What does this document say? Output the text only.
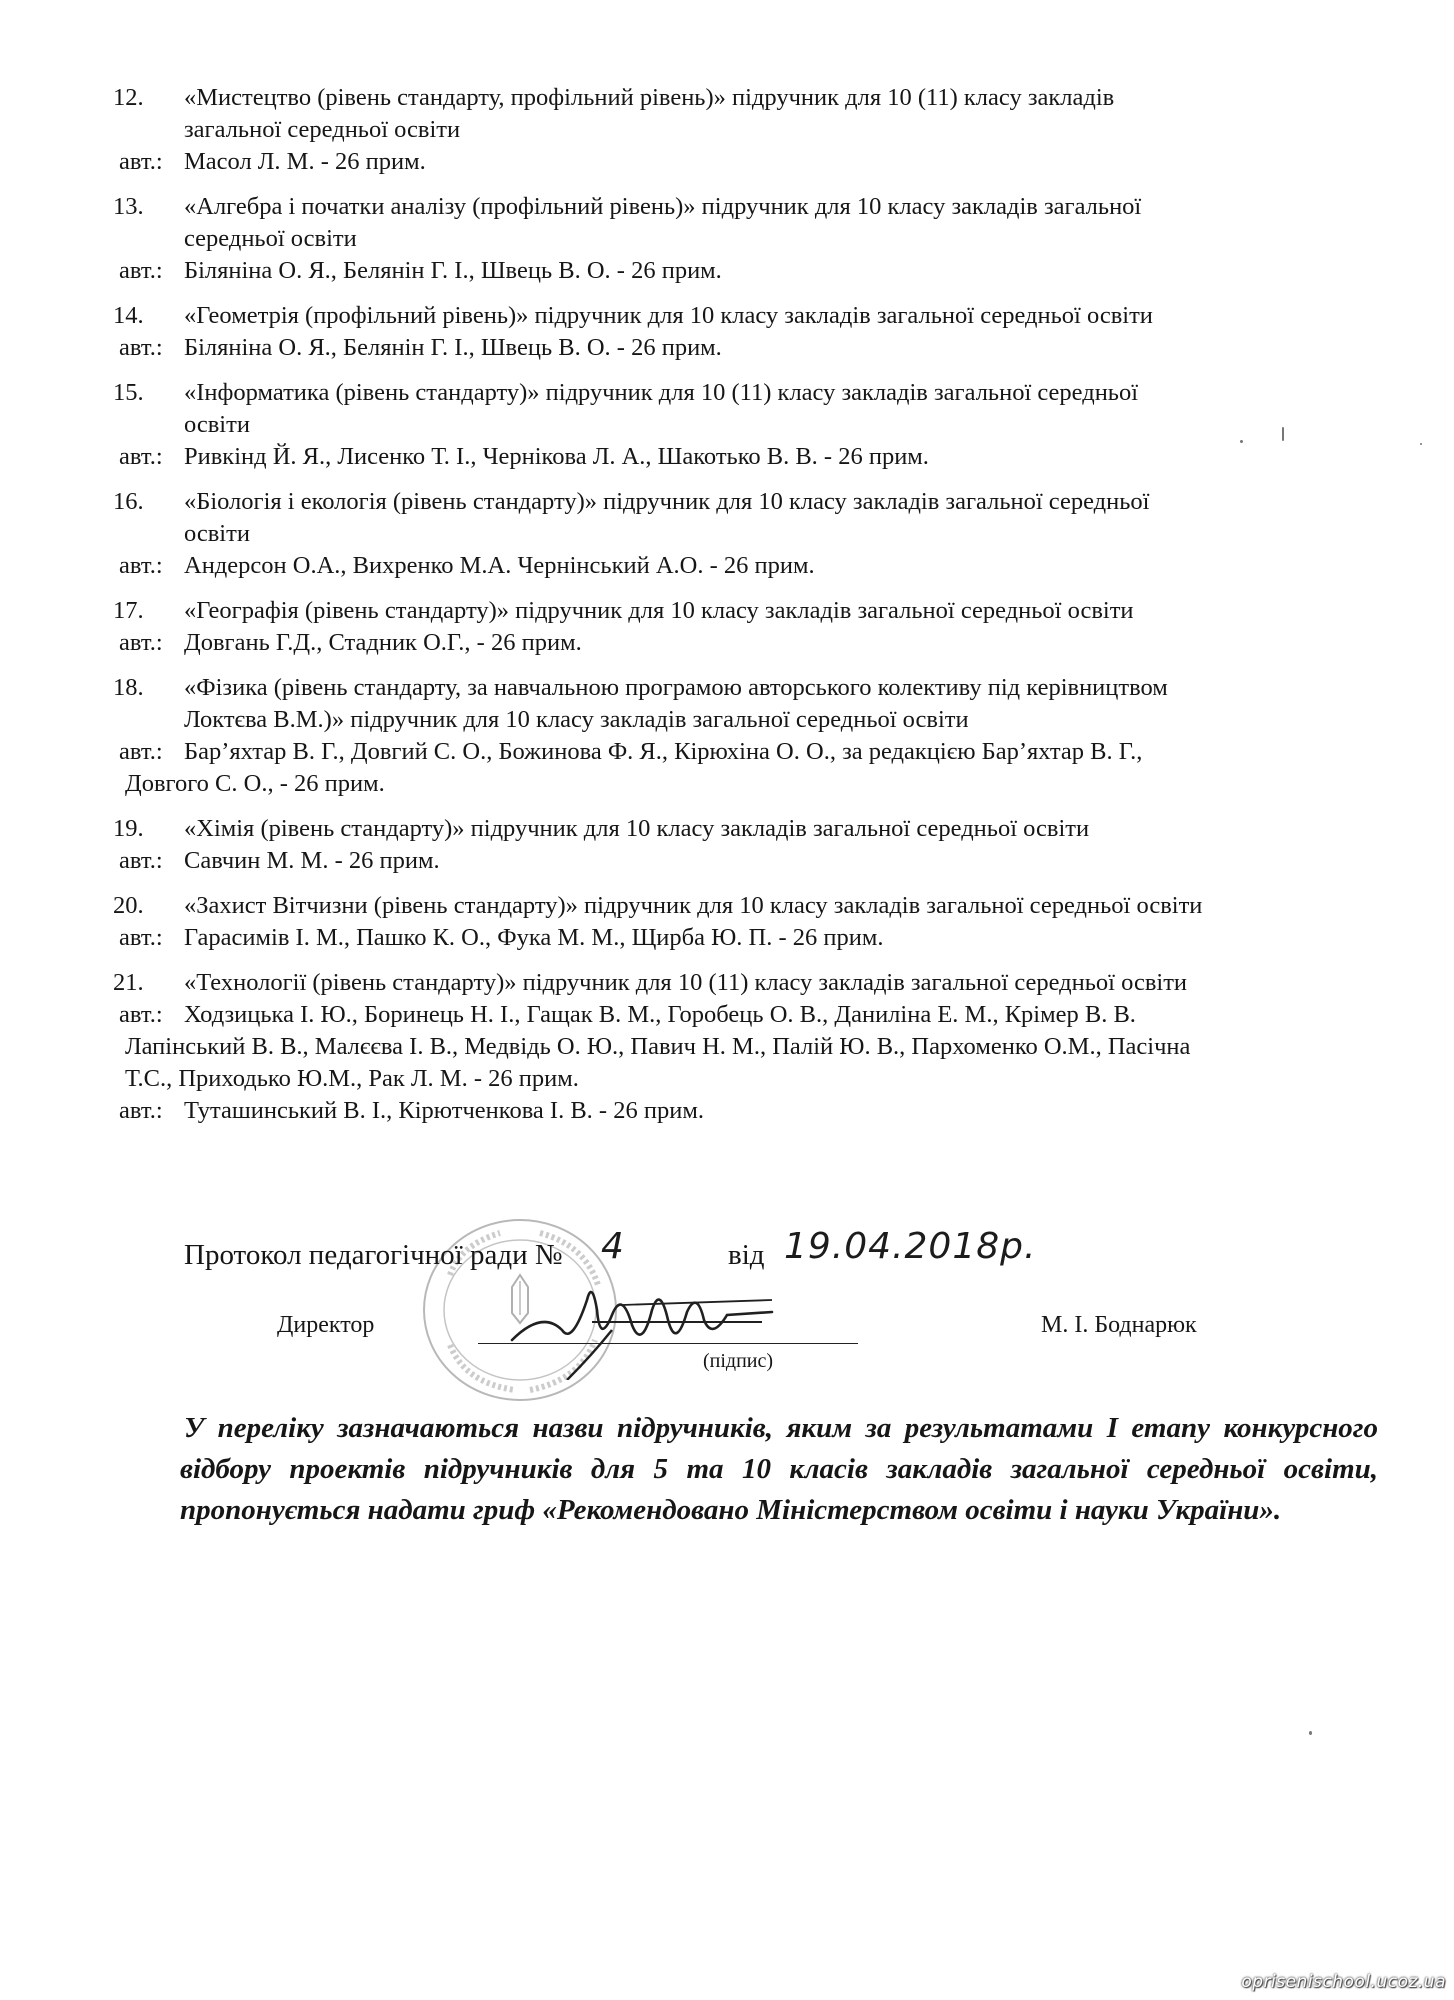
12. «Мистецтво (рівень стандарту, профільний рівень)» підручник для 10 (11) класу закладів
загальної середньої освіти
авт.: Масол Л. М. - 26 прим.
13. «Алгебра і початки аналізу (профільний рівень)» підручник для 10 класу закладів загальної
середньої освіти
авт.: Біляніна О. Я., Белянін Г. І., Швець В. О. - 26 прим.
14. «Геометрія (профільний рівень)» підручник для 10 класу закладів загальної середньої освіти
авт.: Біляніна О. Я., Белянін Г. І., Швець В. О. - 26 прим.
15. «Інформатика (рівень стандарту)» підручник для 10 (11) класу закладів загальної середньої
освіти
авт.: Ривкінд Й. Я., Лисенко Т. І., Чернікова Л. А., Шакотько В. В. - 26 прим.
16. «Біологія і екологія (рівень стандарту)» підручник для 10 класу закладів загальної середньої
освіти
авт.: Андерсон О.А., Вихренко М.А. Чернінський А.О. - 26 прим.
17. «Географія (рівень стандарту)» підручник для 10 класу закладів загальної середньої освіти
авт.: Довгань Г.Д., Стадник О.Г., - 26 прим.
18. «Фізика (рівень стандарту, за навчальною програмою авторського колективу під керівництвом
Локтєва В.М.)» підручник для 10 класу закладів загальної середньої освіти
авт.: Бар’яхтар В. Г., Довгий С. О., Божинова Ф. Я., Кірюхіна О. О., за редакцією Бар’яхтар В. Г.,
Довгого С. О., - 26 прим.
19. «Хімія (рівень стандарту)» підручник для 10 класу закладів загальної середньої освіти
авт.: Савчин М. М. - 26 прим.
20. «Захист Вітчизни (рівень стандарту)» підручник для 10 класу закладів загальної середньої освіти
авт.: Гарасимів І. М., Пашко К. О., Фука М. М., Щирба Ю. П. - 26 прим.
21. «Технології (рівень стандарту)» підручник для 10 (11) класу закладів загальної середньої освіти
авт.: Ходзицька І. Ю., Боринець Н. І., Гащак В. М., Горобець О. В., Даниліна Е. М., Крімер В. В.
Лапінський В. В., Малєєва І. В., Медвідь О. Ю., Павич Н. М., Палій Ю. В., Пархоменко О.М., Пасічна
Т.С., Приходько Ю.М., Рак Л. М. - 26 прим.
авт.: Туташинський В. І., Кірютченкова І. В. - 26 прим.
Протокол педагогічної ради № 4	від 19.04.2018р.
Директор
(підпис)
М. І. Боднарюк
У переліку зазначаються назви підручників, яким за результатами І етапу конкурсного відбору проектів підручників для 5 та 10 класів закладів загальної середньої освіти, пропонується надати гриф «Рекомендовано Міністерством освіти і науки України».
oprisenischool.ucoz.ua
